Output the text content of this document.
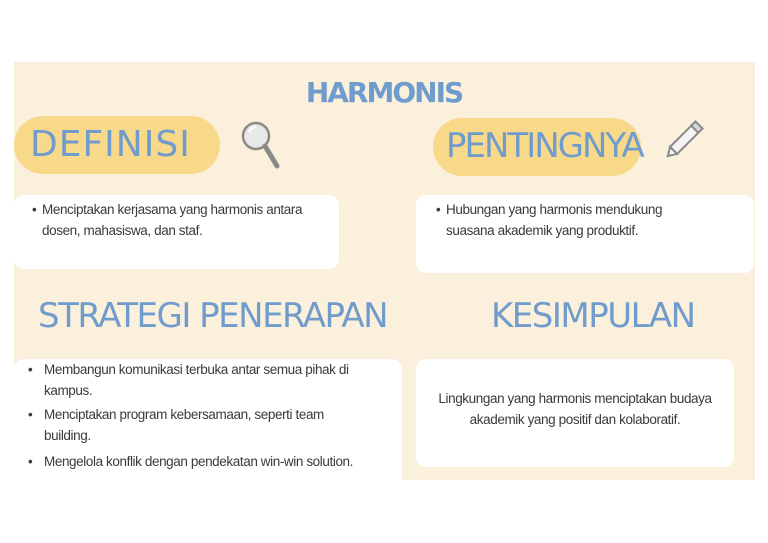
HARMONIS
DEFINISI
• Menciptakan kerjasama yang harmonis antara dosen, mahasiswa, dan staf.
PENTINGNYA
• Hubungan yang harmonis mendukung suasana akademik yang produktif.
STRATEGI PENERAPAN
• Membangun komunikasi terbuka antar semua pihak di kampus.
• Menciptakan program kebersamaan, seperti team building.
• Mengelola konflik dengan pendekatan win-win solution.
KESIMPULAN
Lingkungan yang harmonis menciptakan budaya akademik yang positif dan kolaboratif.
